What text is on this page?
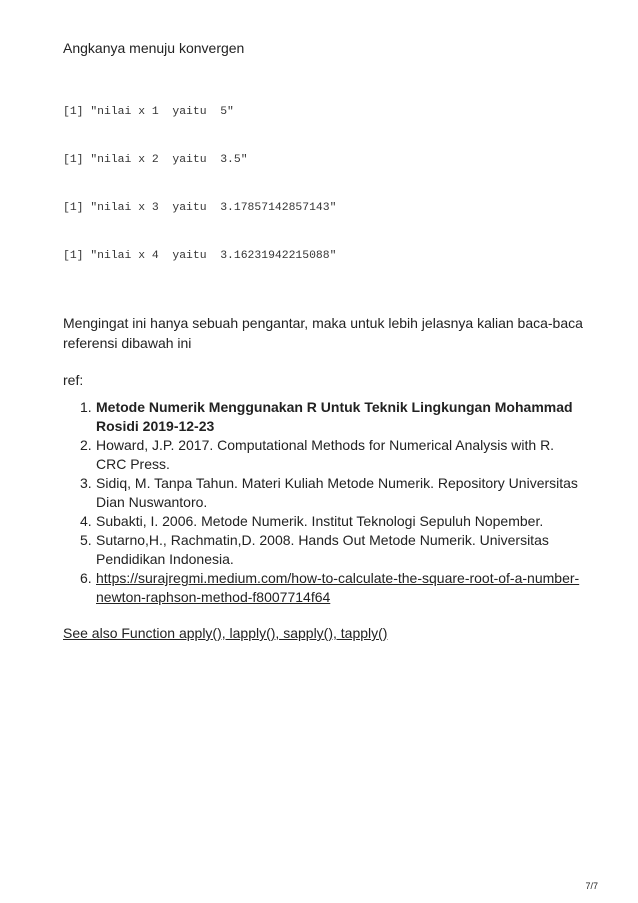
Angkanya menuju konvergen

[1] "nilai x 1  yaitu  5"

[1] "nilai x 2  yaitu  3.5"

[1] "nilai x 3  yaitu  3.17857142857143"

[1] "nilai x 4  yaitu  3.16231942215088"

Mengingat ini hanya sebuah pengantar, maka untuk lebih jelasnya kalian baca-baca referensi dibawah ini

ref:

1. Metode Numerik Menggunakan R Untuk Teknik Lingkungan Mohammad Rosidi 2019-12-23
2. Howard, J.P. 2017. Computational Methods for Numerical Analysis with R. CRC Press.
3. Sidiq, M. Tanpa Tahun. Materi Kuliah Metode Numerik. Repository Universitas Dian Nuswantoro.
4. Subakti, I. 2006. Metode Numerik. Institut Teknologi Sepuluh Nopember.
5. Sutarno,H., Rachmatin,D. 2008. Hands Out Metode Numerik. Universitas Pendidikan Indonesia.
6. https://surajregmi.medium.com/how-to-calculate-the-square-root-of-a-number-newton-raphson-method-f8007714f64
See also Function apply(), lapply(), sapply(), tapply()
7/7
